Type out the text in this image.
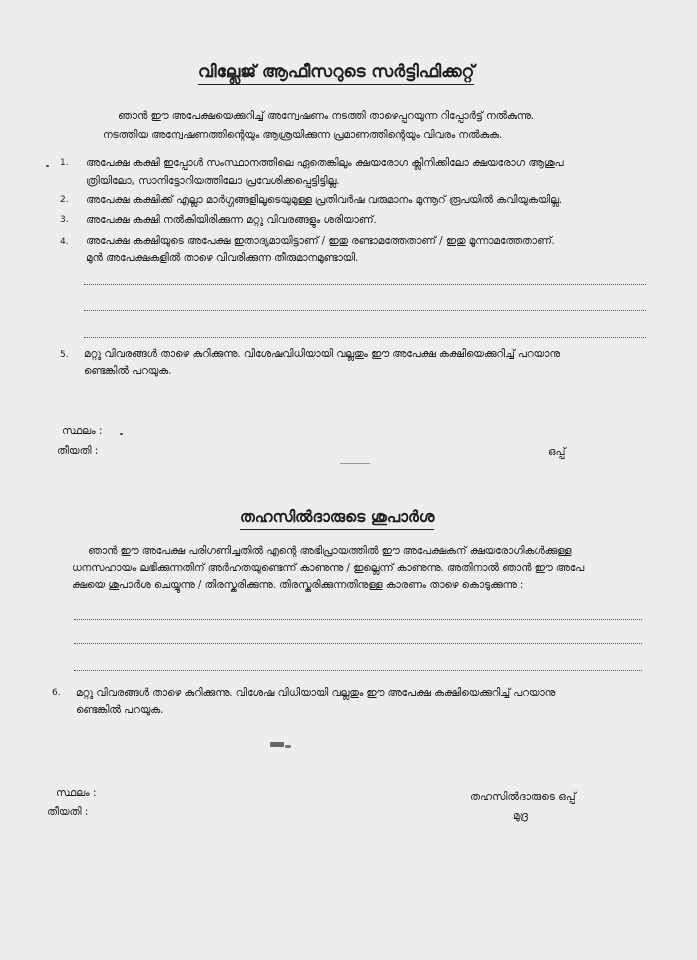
വില്ലേജ് ആഫീസറുടെ സർട്ടിഫിക്കറ്റ്
ഞാൻ ഈ അപേക്ഷയെക്കുറിച്ച് അന്വേഷണം നടത്തി താഴെപ്പറയുന്ന റിപ്പോർട്ട് നൽകുന്നു.
നടത്തിയ അന്വേഷണത്തിന്റെയും ആശ്രയിക്കുന്ന പ്രമാണത്തിന്റെയും വിവരം നൽകുക.
1. അപേക്ഷ കക്ഷി ഇപ്പോൾ സംസ്ഥാനത്തിലെ ഏതെങ്കിലും ക്ഷയരോഗ ക്ലിനിക്കിലോ ക്ഷയരോഗ ആശുപ
ത്രിയിലോ, സാനിട്ടോറിയത്തിലോ പ്രവേശിക്കപ്പെട്ടിട്ടില്ല.
2. അപേക്ഷ കക്ഷിക്ക് എല്ലാ മാർഗ്ഗങ്ങളിലൂടെയുമുള്ള പ്രതിവർഷ വരുമാനം മുന്നൂറ് രൂപയിൽ കവിയുകയില്ല.
3. അപേക്ഷ കക്ഷി നൽകിയിരിക്കുന്ന മറ്റു വിവരങ്ങളും ശരിയാണ്.
4. അപേക്ഷ കക്ഷിയുടെ അപേക്ഷ ഇതാദ്യമായിട്ടാണ് / ഇതു രണ്ടാമത്തേതാണ് / ഇതു മൂന്നാമത്തേതാണ്.
മുൻ അപേക്ഷകളിൽ താഴെ വിവരിക്കുന്ന തീരുമാനമുണ്ടായി.
5. മറ്റു വിവരങ്ങൾ താഴെ കുറിക്കുന്നു. വിശേഷവിധിയായി വല്ലതും ഈ അപേക്ഷ കക്ഷിയെക്കുറിച്ച് പറയാനു
ണ്ടെങ്കിൽ പറയുക.
സ്ഥലം :
തീയതി :	ഒപ്പ്
തഹസിൽദാരുടെ ശുപാർശ
ഞാൻ ഈ അപേക്ഷ പരിഗണിച്ചതിൽ എന്റെ അഭിപ്രായത്തിൽ ഈ അപേക്ഷകന് ക്ഷയരോഗികൾക്കുള്ള
ധനസഹായം ലഭിക്കുന്നതിന് അർഹതയുണ്ടെന്ന് കാണുന്നു / ഇല്ലെന്ന് കാണുന്നു. അതിനാൽ ഞാൻ ഈ അപേ
ക്ഷയെ ശുപാർശ ചെയ്യുന്നു / തിരസ്കരിക്കുന്നു. തിരസ്കരിക്കുന്നതിനുള്ള കാരണം താഴെ കൊടുക്കുന്നു :
6. മറ്റു വിവരങ്ങൾ താഴെ കുറിക്കുന്നു. വിശേഷ വിധിയായി വല്ലതും ഈ അപേക്ഷ കക്ഷിയെക്കുറിച്ച് പറയാനു
ണ്ടെങ്കിൽ പറയുക.
സ്ഥലം :
തീയതി :
തഹസിൽദാരുടെ ഒപ്പ്
മുദ്ര
